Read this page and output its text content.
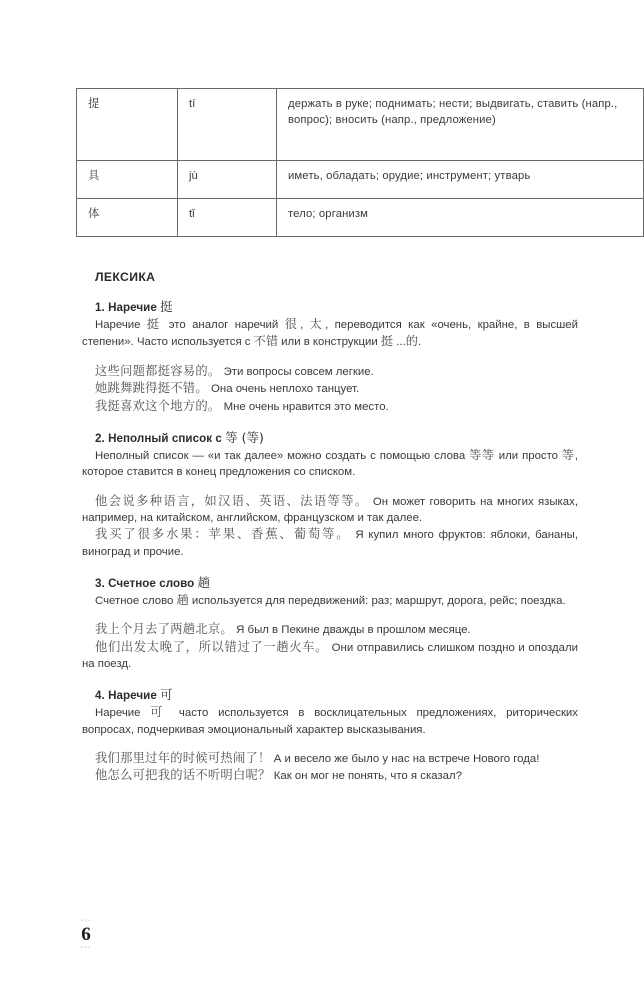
提	tí	держать в руке; поднимать; нести; выдвигать, ставить (напр., вопрос); вносить (напр., предложение)
具	jù	иметь, обладать; орудие; инструмент; утварь
体	tǐ	тело; организм
ЛЕКСИКА
1. Наречие 挺

Наречие 挺 это аналог наречий 很, 太, переводится как «очень, крайне, в высшей степени». Часто используется с 不错 или в конструкции 挺 ...的.

这些问题都挺容易的。 Эти вопросы совсем легкие.

她跳舞跳得挺不错。 Она очень неплохо танцует.

我挺喜欢这个地方的。 Мне очень нравится это место.

2. Неполный список с 等 (等)

Неполный список — «и так далее» можно создать с помощью слова 等等 или просто 等, которое ставится в конец предложения со списком.

他会说多种语言，如汉语、英语、法语等等。 Он может говорить на многих языках, например, на китайском, английском, французском и так далее.

我买了很多水果：苹果、香蕉、葡萄等。 Я купил много фруктов: яблоки, бананы, виноград и прочие.

3. Счетное слово 趟

Счетное слово 趟 используется для передвижений: раз; маршрут, дорога, рейс; поездка.

我上个月去了两趟北京。 Я был в Пекине дважды в прошлом месяце.

他们出发太晚了，所以错过了一趟火车。 Они отправились слишком поздно и опоздали на поезд.

4. Наречие 可

Наречие 可 часто используется в восклицательных предложениях, риторических вопросах, подчеркивая эмоциональный характер высказывания.

我们那里过年的时候可热闹了！ А и весело же было у нас на встрече Нового года!

他怎么可把我的话不听明白呢？ Как он мог не понять, что я сказал?

···
6
···
